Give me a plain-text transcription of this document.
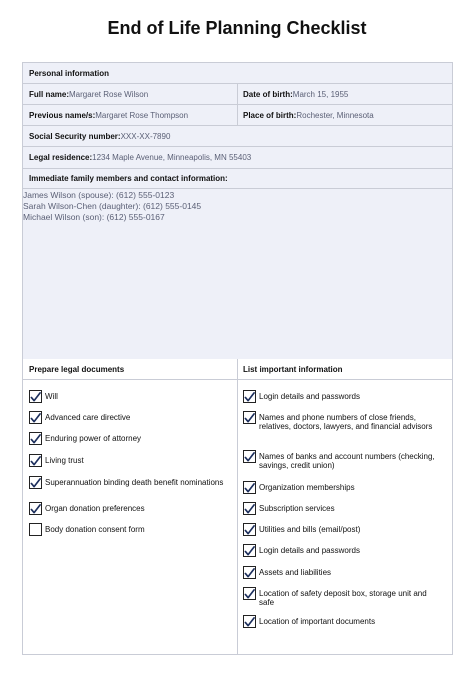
End of Life Planning Checklist
Personal information
Full name: Margaret Rose Wilson	Date of birth: March 15, 1955
Previous name/s: Margaret Rose Thompson	Place of birth: Rochester, Minnesota
Social Security number: XXX-XX-7890
Legal residence: 1234 Maple Avenue, Minneapolis, MN 55403
Immediate family members and contact information:
James Wilson (spouse): (612) 555-0123
Sarah Wilson-Chen (daughter): (612) 555-0145
Michael Wilson (son): (612) 555-0167
Prepare legal documents	List important information
Will
Advanced care directive
Enduring power of attorney
Living trust
Superannuation binding death benefit nominations
Organ donation preferences
Body donation consent form
Login details and passwords
Names and phone numbers of close friends, relatives, doctors, lawyers, and financial advisors
Names of banks and account numbers (checking, savings, credit union)
Organization memberships
Subscription services
Utilities and bills (email/post)
Login details and passwords
Assets and liabilities
Location of safety deposit box, storage unit and safe
Location of important documents
